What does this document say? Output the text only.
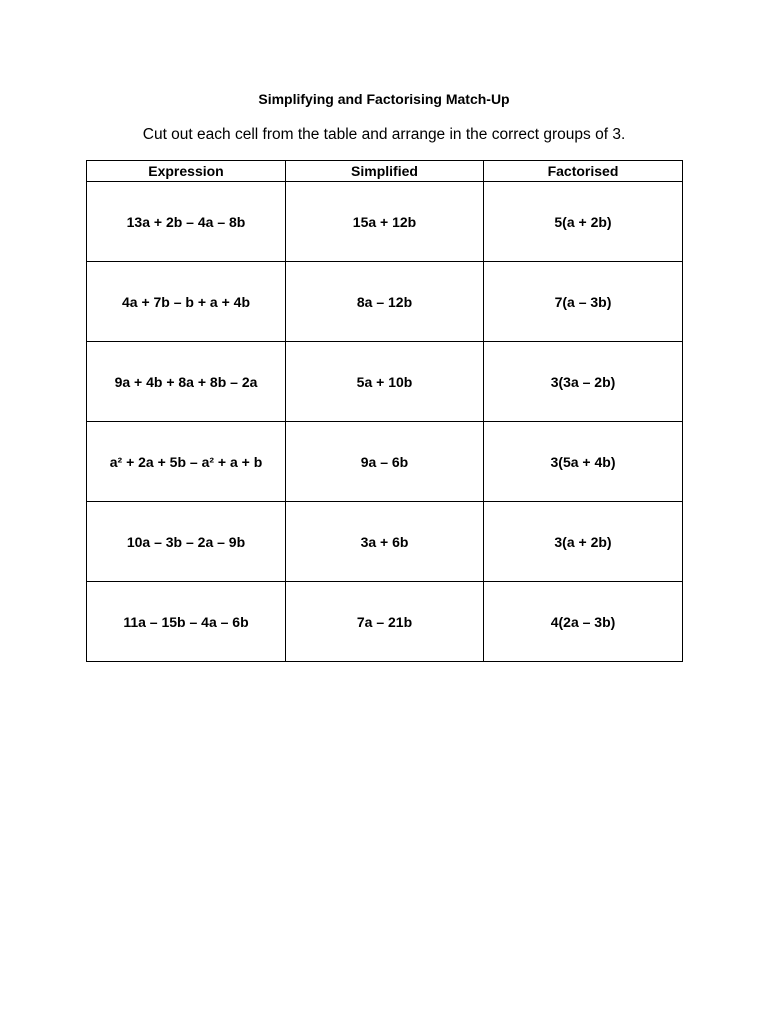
Simplifying and Factorising Match-Up
Cut out each cell from the table and arrange in the correct groups of 3.
Expression	Simplified	Factorised
13a + 2b – 4a – 8b	15a + 12b	5(a + 2b)
4a + 7b – b + a + 4b	8a – 12b	7(a – 3b)
9a + 4b + 8a + 8b – 2a	5a + 10b	3(3a – 2b)
a² + 2a + 5b – a² + a + b	9a – 6b	3(5a + 4b)
10a – 3b – 2a – 9b	3a + 6b	3(a + 2b)
11a – 15b – 4a – 6b	7a – 21b	4(2a – 3b)
